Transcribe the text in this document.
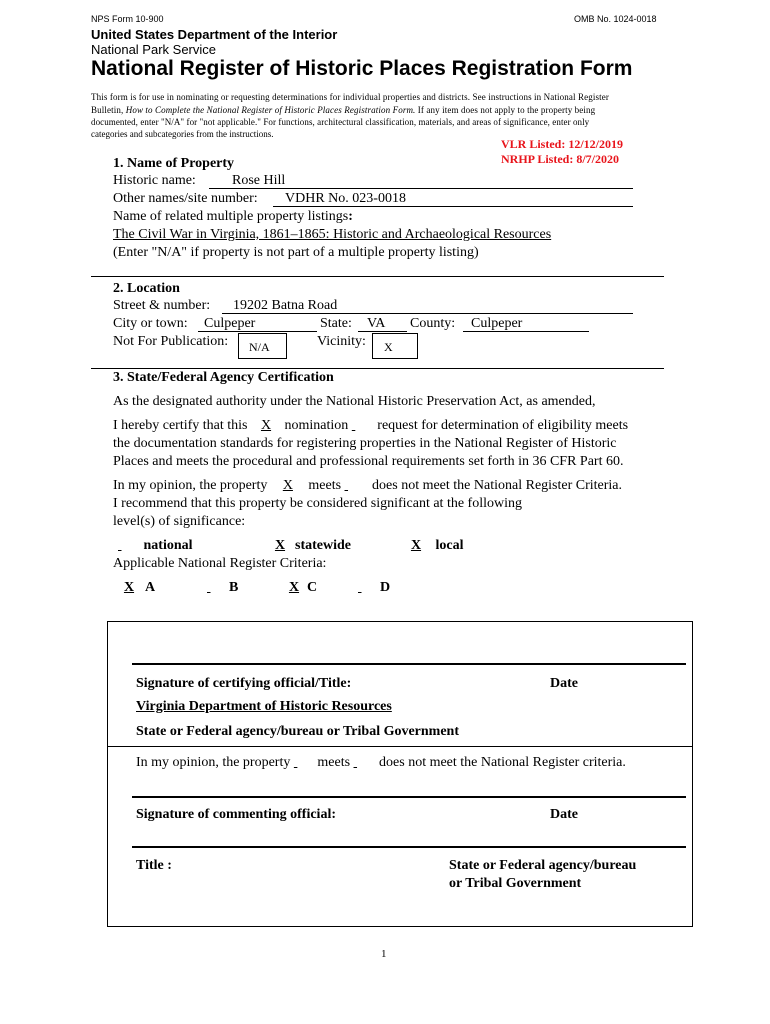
NPS Form 10-900	OMB No. 1024-0018
United States Department of the Interior
National Park Service
National Register of Historic Places Registration Form
This form is for use in nominating or requesting determinations for individual properties and districts. See instructions in National Register
Bulletin, How to Complete the National Register of Historic Places Registration Form. If any item does not apply to the property being
documented, enter "N/A" for "not applicable." For functions, architectural classification, materials, and areas of significance, enter only
categories and subcategories from the instructions.
VLR Listed: 12/12/2019
NRHP Listed: 8/7/2020
1. Name of Property
Historic name:	Rose Hill
Other names/site number: VDHR No. 023-0018
Name of related multiple property listings:
The Civil War in Virginia, 1861–1865: Historic and Archaeological Resources
(Enter "N/A" if property is not part of a multiple property listing)
2. Location
Street & number: 19202 Batna Road
City or town: Culpeper	State: VA County: Culpeper
Not For Publication: N/A	Vicinity: X
3. State/Federal Agency Certification
As the designated authority under the National Historic Preservation Act, as amended,
I hereby certify that this X nomination request for determination of eligibility meets
the documentation standards for registering properties in the National Register of Historic
Places and meets the procedural and professional requirements set forth in 36 CFR Part 60.
In my opinion, the property X meets does not meet the National Register Criteria.
I recommend that this property be considered significant at the following
level(s) of significance:
national	X statewide	X local
Applicable National Register Criteria:
X A	B	X C	D
Signature of certifying official/Title:	Date
Virginia Department of Historic Resources
State or Federal agency/bureau or Tribal Government
In my opinion, the property meets does not meet the National Register criteria.
Signature of commenting official:	Date
Title :	State or Federal agency/bureau
or Tribal Government
1
